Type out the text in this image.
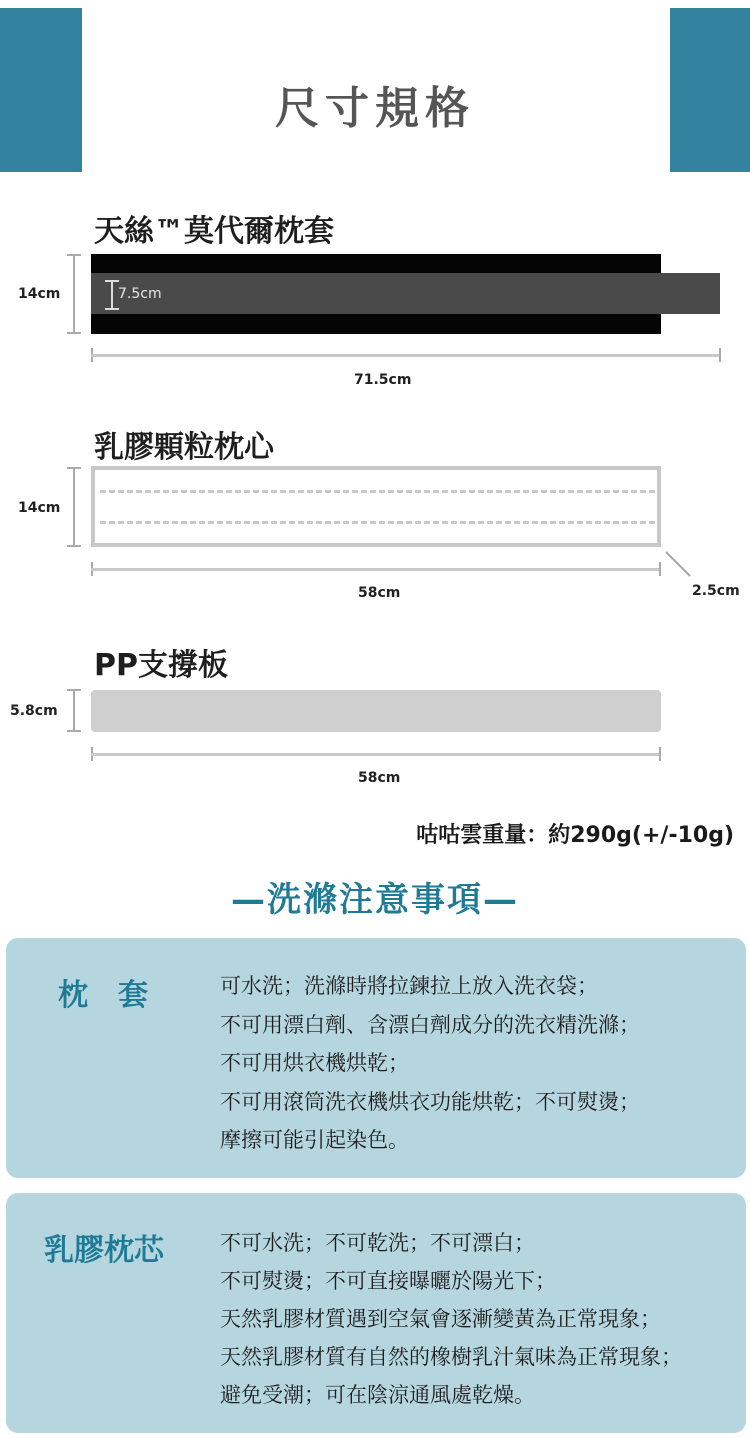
尺寸規格
天絲™莫代爾枕套
14cm	7.5cm
71.5cm
乳膠顆粒枕心
14cm
58cm	2.5cm
PP支撐板
5.8cm
58cm
咕咕雲重量：約290g(+/-10g)
—洗滌注意事項—
枕　套	可水洗；洗滌時將拉鍊拉上放入洗衣袋；
不可用漂白劑、含漂白劑成分的洗衣精洗滌；
不可用烘衣機烘乾；
不可用滾筒洗衣機烘衣功能烘乾；不可熨燙；
摩擦可能引起染色。
乳膠枕芯	不可水洗；不可乾洗；不可漂白；
不可熨燙；不可直接曝曬於陽光下；
天然乳膠材質遇到空氣會逐漸變黃為正常現象；
天然乳膠材質有自然的橡樹乳汁氣味為正常現象；
避免受潮；可在陰涼通風處乾燥。
